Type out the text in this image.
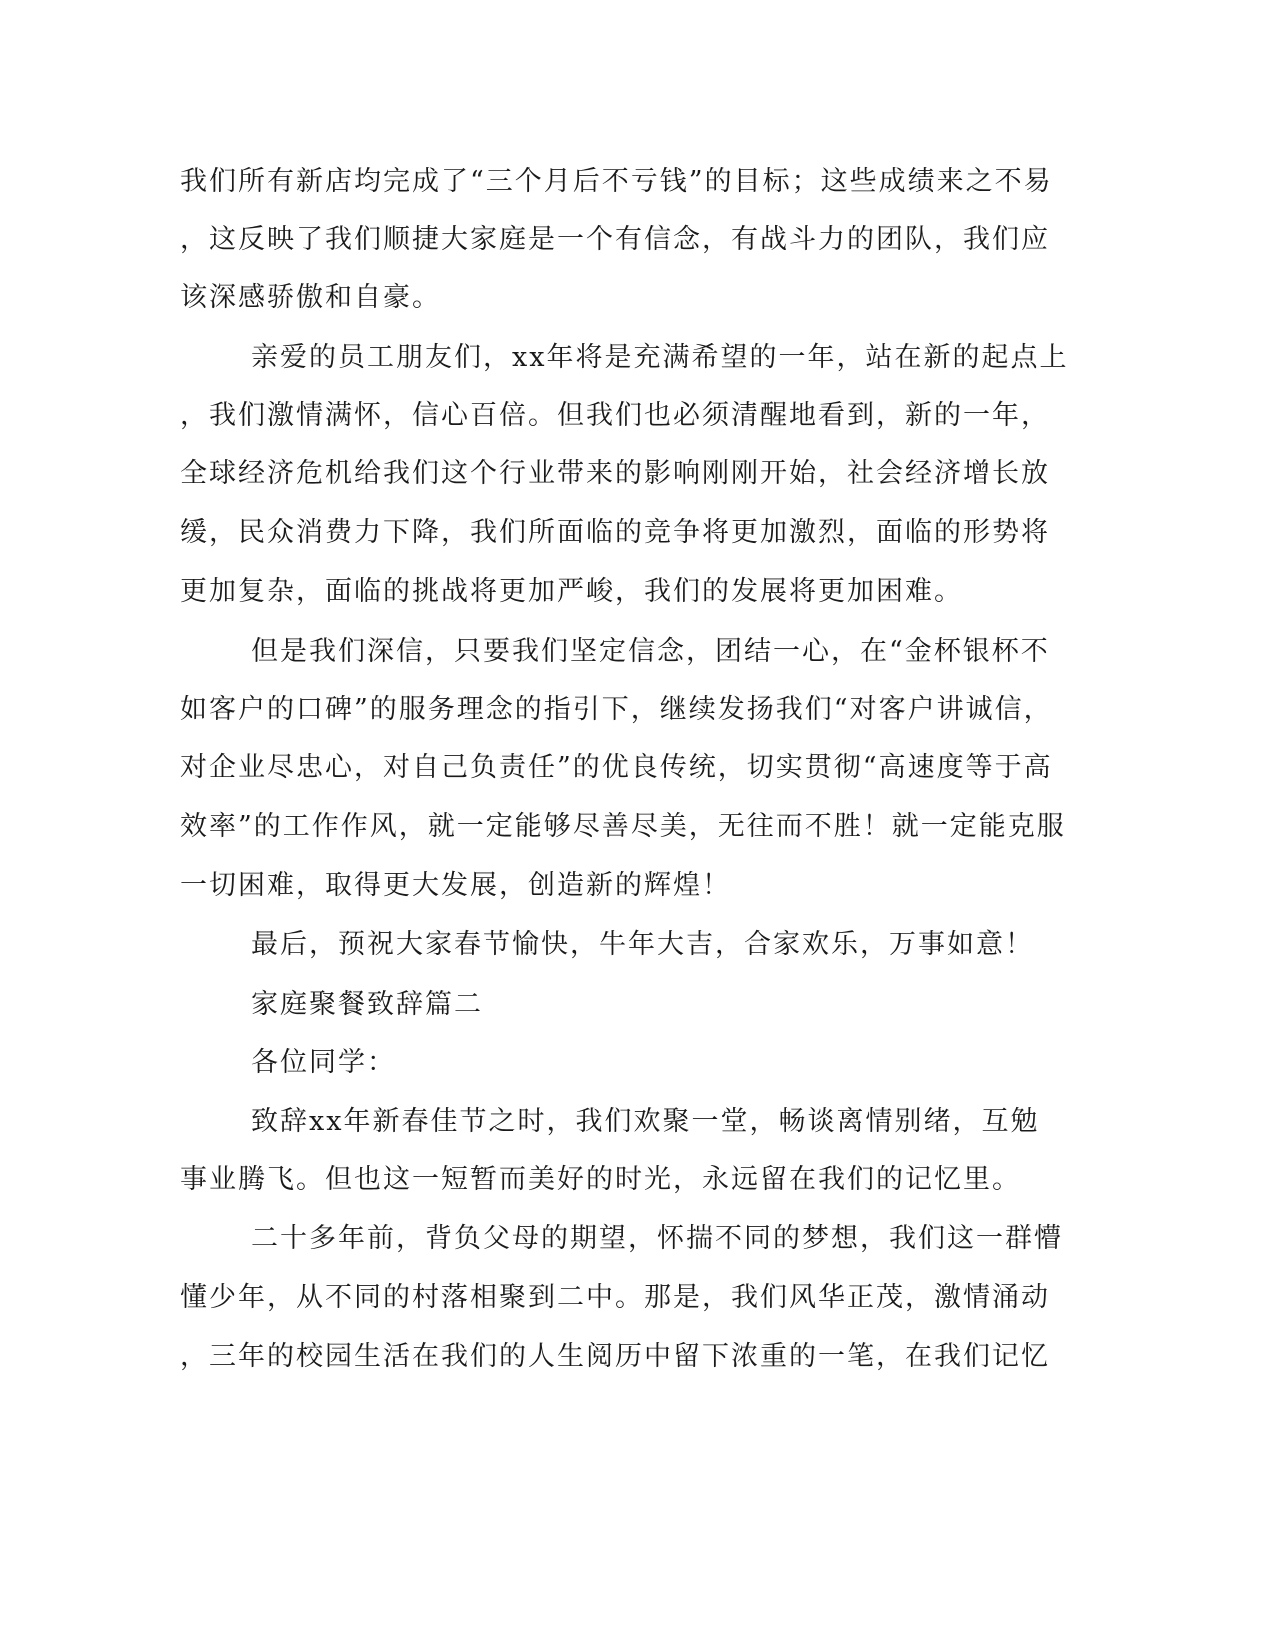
我们所有新店均完成了“三个月后不亏钱”的目标；这些成绩来之不易
，这反映了我们顺捷大家庭是一个有信念，有战斗力的团队，我们应
该深感骄傲和自豪。
亲爱的员工朋友们，xx年将是充满希望的一年，站在新的起点上
，我们激情满怀，信心百倍。但我们也必须清醒地看到，新的一年，
全球经济危机给我们这个行业带来的影响刚刚开始，社会经济增长放
缓，民众消费力下降，我们所面临的竞争将更加激烈，面临的形势将
更加复杂，面临的挑战将更加严峻，我们的发展将更加困难。
但是我们深信，只要我们坚定信念，团结一心，在“金杯银杯不
如客户的口碑”的服务理念的指引下，继续发扬我们“对客户讲诚信，
对企业尽忠心，对自己负责任”的优良传统，切实贯彻“高速度等于高
效率”的工作作风，就一定能够尽善尽美，无往而不胜！就一定能克服
一切困难，取得更大发展，创造新的辉煌！
最后，预祝大家春节愉快，牛年大吉，合家欢乐，万事如意！
家庭聚餐致辞篇二
各位同学：
致辞xx年新春佳节之时，我们欢聚一堂，畅谈离情别绪，互勉
事业腾飞。但也这一短暂而美好的时光，永远留在我们的记忆里。
二十多年前，背负父母的期望，怀揣不同的梦想，我们这一群懵
懂少年，从不同的村落相聚到二中。那是，我们风华正茂，激情涌动
，三年的校园生活在我们的人生阅历中留下浓重的一笔，在我们记忆
